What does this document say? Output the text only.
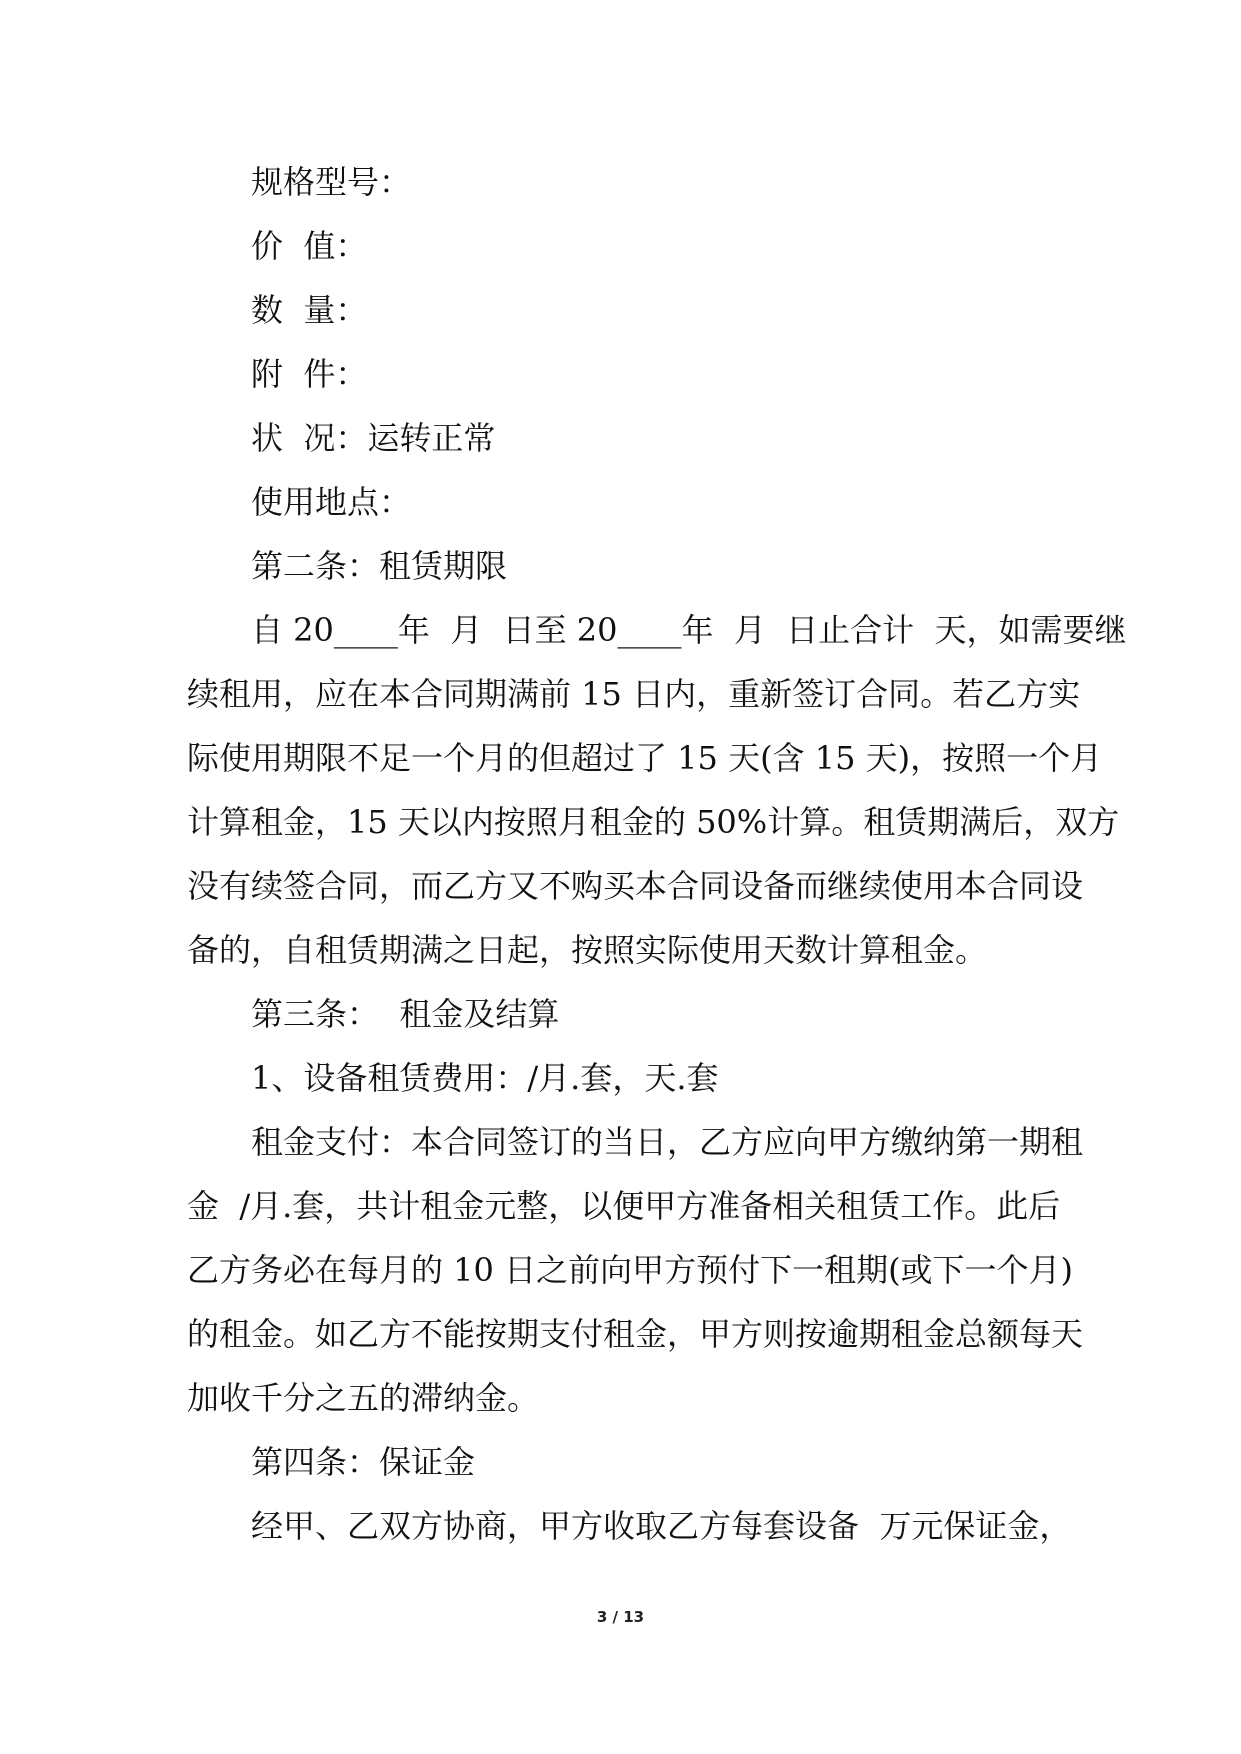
规格型号：
价  值：
数  量：
附  件：
状  况：运转正常
使用地点：
第二条：租赁期限
自 20____年  月  日至 20____年  月  日止合计  天，如需要继
续租用，应在本合同期满前 15 日内，重新签订合同。若乙方实
际使用期限不足一个月的但超过了 15 天(含 15 天)，按照一个月
计算租金，15 天以内按照月租金的 50%计算。租赁期满后，双方
没有续签合同，而乙方又不购买本合同设备而继续使用本合同设
备的，自租赁期满之日起，按照实际使用天数计算租金。
第三条：  租金及结算
1、设备租赁费用：/月.套，天.套
租金支付：本合同签订的当日，乙方应向甲方缴纳第一期租
金  /月.套，共计租金元整，以便甲方准备相关租赁工作。此后
乙方务必在每月的 10 日之前向甲方预付下一租期(或下一个月)
的租金。如乙方不能按期支付租金，甲方则按逾期租金总额每天
加收千分之五的滞纳金。
第四条：保证金
经甲、乙双方协商，甲方收取乙方每套设备  万元保证金，
3 / 13
